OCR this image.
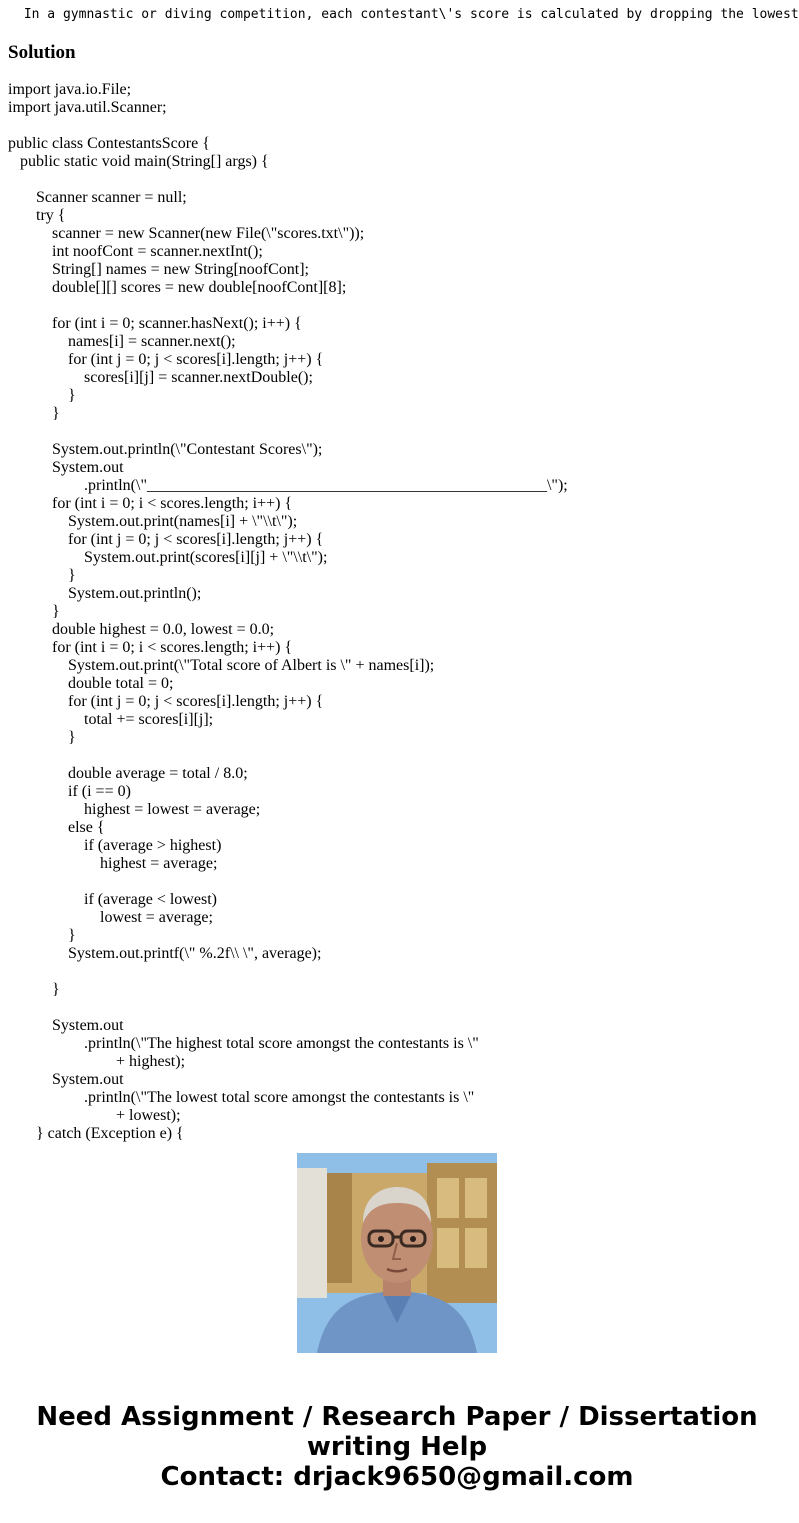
In a gymnastic or diving competition, each contestant\'s score is calculated by dropping the lowest
Solution
import java.io.File;
import java.util.Scanner;
public class ContestantsScore {
public static void main(String[] args) {
Scanner scanner = null;
try {
scanner = new Scanner(new File(\"scores.txt\"));
int noofCont = scanner.nextInt();
String[] names = new String[noofCont];
double[][] scores = new double[noofCont][8];
for (int i = 0; scanner.hasNext(); i++) {
names[i] = scanner.next();
for (int j = 0; j < scores[i].length; j++) {
scores[i][j] = scanner.nextDouble();
}
}
System.out.println(\"Contestant Scores\");
System.out
.println(\"__________________________________________________\");
for (int i = 0; i < scores.length; i++) {
System.out.print(names[i] + \"\\t\");
for (int j = 0; j < scores[i].length; j++) {
System.out.print(scores[i][j] + \"\\t\");
}
System.out.println();
}
double highest = 0.0, lowest = 0.0;
for (int i = 0; i < scores.length; i++) {
System.out.print(\"Total score of Albert is \" + names[i]);
double total = 0;
for (int j = 0; j < scores[i].length; j++) {
total += scores[i][j];
}
double average = total / 8.0;
if (i == 0)
highest = lowest = average;
else {
if (average > highest)
highest = average;
if (average < lowest)
lowest = average;
}
System.out.printf(\" %.2f\\ \", average);
}
System.out
.println(\"The highest total score amongst the contestants is \"
+ highest);
System.out
.println(\"The lowest total score amongst the contestants is \"
+ lowest);
} catch (Exception e) {
Need Assignment / Research Paper / Dissertation
writing Help
Contact: drjack9650@gmail.com
